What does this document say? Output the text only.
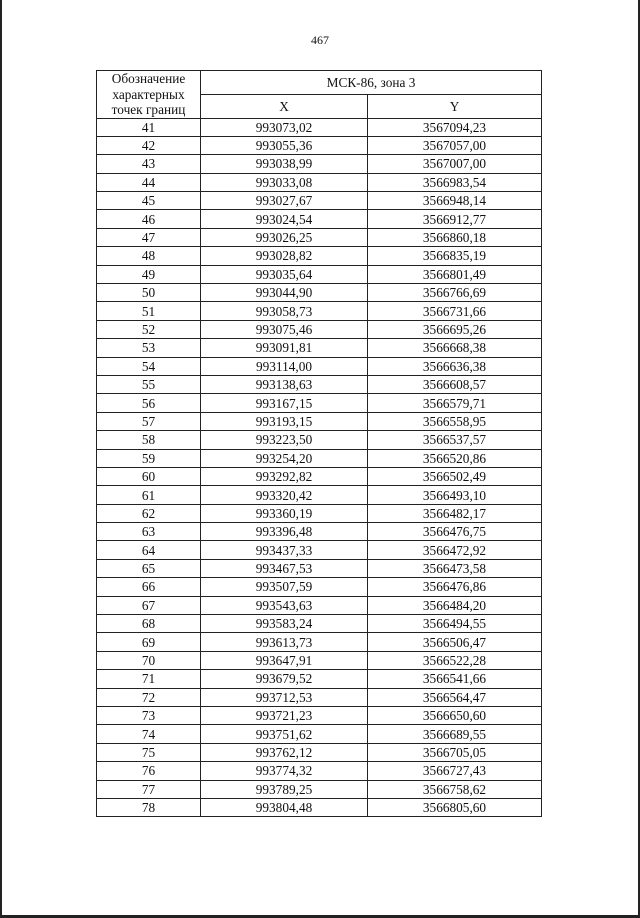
467
Обозначение характерных точек границ	МСК-86, зона 3	
	X	Y
41	993073,02	3567094,23
42	993055,36	3567057,00
43	993038,99	3567007,00
44	993033,08	3566983,54
45	993027,67	3566948,14
46	993024,54	3566912,77
47	993026,25	3566860,18
48	993028,82	3566835,19
49	993035,64	3566801,49
50	993044,90	3566766,69
51	993058,73	3566731,66
52	993075,46	3566695,26
53	993091,81	3566668,38
54	993114,00	3566636,38
55	993138,63	3566608,57
56	993167,15	3566579,71
57	993193,15	3566558,95
58	993223,50	3566537,57
59	993254,20	3566520,86
60	993292,82	3566502,49
61	993320,42	3566493,10
62	993360,19	3566482,17
63	993396,48	3566476,75
64	993437,33	3566472,92
65	993467,53	3566473,58
66	993507,59	3566476,86
67	993543,63	3566484,20
68	993583,24	3566494,55
69	993613,73	3566506,47
70	993647,91	3566522,28
71	993679,52	3566541,66
72	993712,53	3566564,47
73	993721,23	3566650,60
74	993751,62	3566689,55
75	993762,12	3566705,05
76	993774,32	3566727,43
77	993789,25	3566758,62
78	993804,48	3566805,60
